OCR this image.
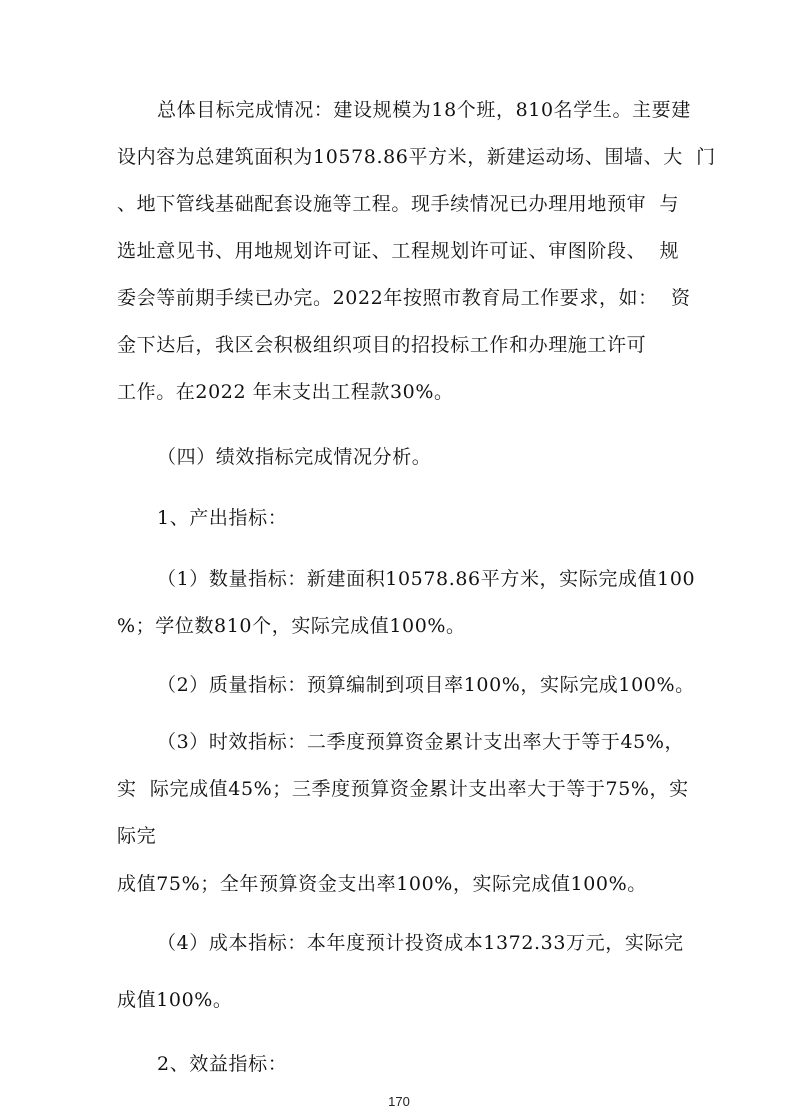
总体目标完成情况：建设规模为18个班，810名学生。主要建
设内容为总建筑面积为10578.86平方米，新建运动场、围墙、大  门
、地下管线基础配套设施等工程。现手续情况已办理用地预审  与
选址意见书、用地规划许可证、工程规划许可证、审图阶段、  规
委会等前期手续已办完。2022年按照市教育局工作要求，如：  资
金下达后，我区会积极组织项目的招投标工作和办理施工许可
工作。在2022 年末支出工程款30%。
（四）绩效指标完成情况分析。
1、产出指标：
（1）数量指标：新建面积10578.86平方米，实际完成值100
%；学位数810个，实际完成值100%。
（2）质量指标：预算编制到项目率100%，实际完成100%。
（3）时效指标：二季度预算资金累计支出率大于等于45%，
实  际完成值45%；三季度预算资金累计支出率大于等于75%，实
际完
成值75%；全年预算资金支出率100%，实际完成值100%。
（4）成本指标：本年度预计投资成本1372.33万元，实际完
成值100%。
2、效益指标：
170
